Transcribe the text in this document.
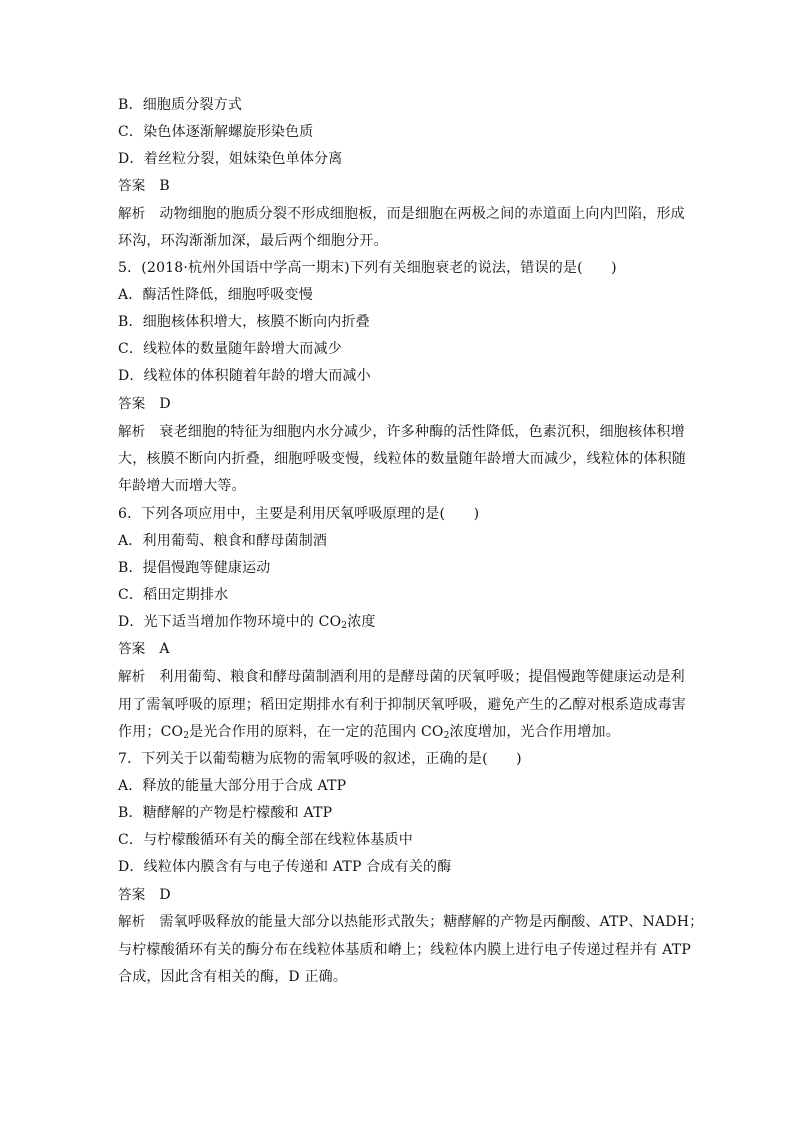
B．细胞质分裂方式
C．染色体逐渐解螺旋形染色质
D．着丝粒分裂，姐妹染色单体分离
答案 B
解析 动物细胞的胞质分裂不形成细胞板，而是细胞在两极之间的赤道面上向内凹陷，形成
环沟，环沟渐渐加深，最后两个细胞分开。
5．(2018·杭州外国语中学高一期末)下列有关细胞衰老的说法，错误的是(　　)
A．酶活性降低，细胞呼吸变慢
B．细胞核体积增大，核膜不断向内折叠
C．线粒体的数量随年龄增大而减少
D．线粒体的体积随着年龄的增大而减小
答案 D
解析 衰老细胞的特征为细胞内水分减少，许多种酶的活性降低，色素沉积，细胞核体积增
大，核膜不断向内折叠，细胞呼吸变慢，线粒体的数量随年龄增大而减少，线粒体的体积随
年龄增大而增大等。
6．下列各项应用中，主要是利用厌氧呼吸原理的是(　　)
A．利用葡萄、粮食和酵母菌制酒
B．提倡慢跑等健康运动
C．稻田定期排水
D．光下适当增加作物环境中的 $CO_2$浓度
答案 A
解析 利用葡萄、粮食和酵母菌制酒利用的是酵母菌的厌氧呼吸；提倡慢跑等健康运动是利
用了需氧呼吸的原理；稻田定期排水有利于抑制厌氧呼吸，避免产生的乙醇对根系造成毒害
作用；$CO_2$是光合作用的原料，在一定的范围内 $CO_2$浓度增加，光合作用增加。
7．下列关于以葡萄糖为底物的需氧呼吸的叙述，正确的是(　　)
A．释放的能量大部分用于合成 ATP
B．糖酵解的产物是柠檬酸和 ATP
C．与柠檬酸循环有关的酶全部在线粒体基质中
D．线粒体内膜含有与电子传递和 ATP 合成有关的酶
答案 D
解析 需氧呼吸释放的能量大部分以热能形式散失；糖酵解的产物是丙酮酸、ATP、NADH；
与柠檬酸循环有关的酶分布在线粒体基质和嵴上；线粒体内膜上进行电子传递过程并有 ATP
合成，因此含有相关的酶，D 正确。
